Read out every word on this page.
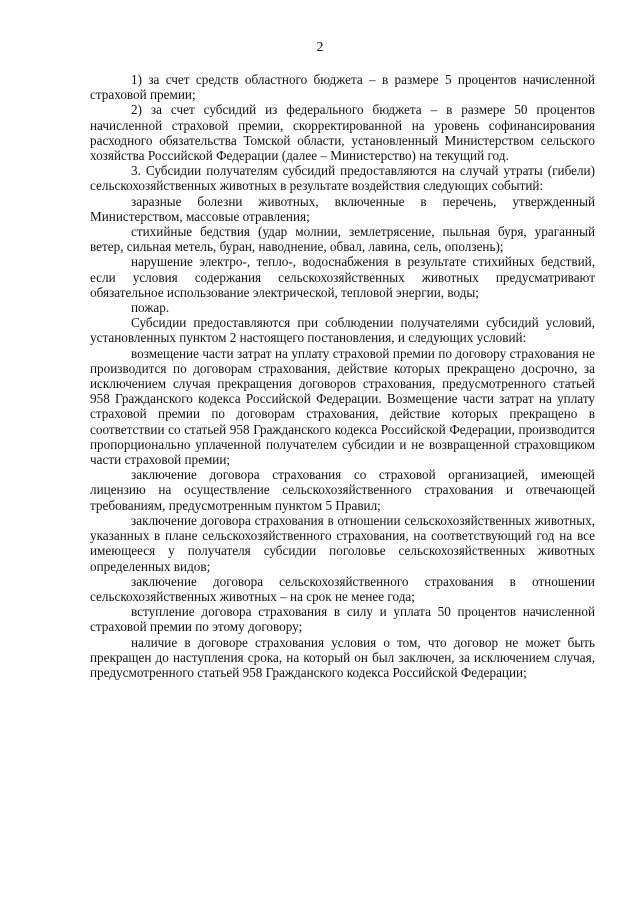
2

1) за счет средств областного бюджета – в размере 5 процентов начисленной страховой премии;

2) за счет субсидий из федерального бюджета – в размере 50 процентов начисленной страховой премии, скорректированной на уровень софинансирования расходного обязательства Томской области, установленный Министерством сельского хозяйства Российской Федерации (далее – Министерство) на текущий год.

3. Субсидии получателям субсидий предоставляются на случай утраты (гибели) сельскохозяйственных животных в результате воздействия следующих событий:

заразные болезни животных, включенные в перечень, утвержденный Министерством, массовые отравления;

стихийные бедствия (удар молнии, землетрясение, пыльная буря, ураганный ветер, сильная метель, буран, наводнение, обвал, лавина, сель, оползень);

нарушение электро-, тепло-, водоснабжения в результате стихийных бедствий, если условия содержания сельскохозяйственных животных предусматривают обязательное использование электрической, тепловой энергии, воды;

пожар.

Субсидии предоставляются при соблюдении получателями субсидий условий, установленных пунктом 2 настоящего постановления, и следующих условий:

возмещение части затрат на уплату страховой премии по договору страхования не производится по договорам страхования, действие которых прекращено досрочно, за исключением случая прекращения договоров страхования, предусмотренного статьей 958 Гражданского кодекса Российской Федерации. Возмещение части затрат на уплату страховой премии по договорам страхования, действие которых прекращено в соответствии со статьей 958 Гражданского кодекса Российской Федерации, производится пропорционально уплаченной получателем субсидии и не возвращенной страховщиком части страховой премии;

заключение договора страхования со страховой организацией, имеющей лицензию на осуществление сельскохозяйственного страхования и отвечающей требованиям, предусмотренным пунктом 5 Правил;

заключение договора страхования в отношении сельскохозяйственных животных, указанных в плане сельскохозяйственного страхования, на соответствующий год на все имеющееся у получателя субсидии поголовье сельскохозяйственных животных определенных видов;

заключение договора сельскохозяйственного страхования в отношении сельскохозяйственных животных – на срок не менее года;

вступление договора страхования в силу и уплата 50 процентов начисленной страховой премии по этому договору;

наличие в договоре страхования условия о том, что договор не может быть прекращен до наступления срока, на который он был заключен, за исключением случая, предусмотренного статьей 958 Гражданского кодекса Российской Федерации;
